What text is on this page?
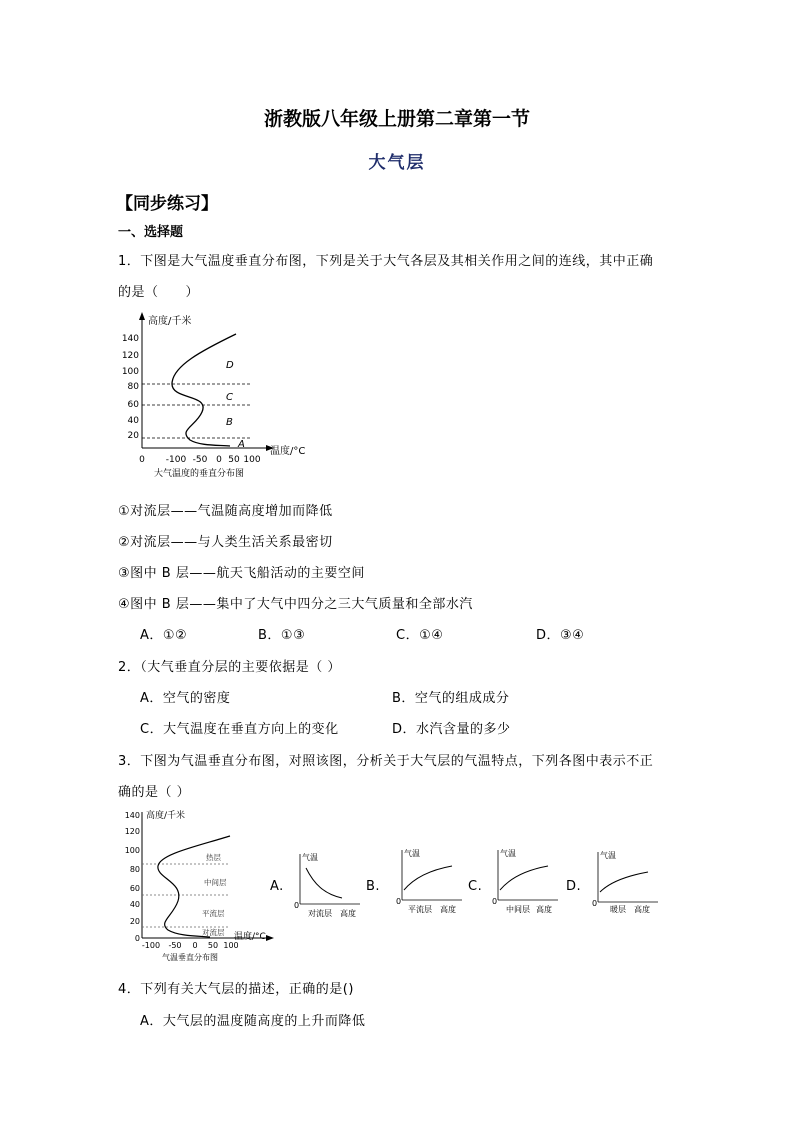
浙教版八年级上册第二章第一节
大气层
【同步练习】
一、选择题
1．下图是大气温度垂直分布图，下列是关于大气各层及其相关作用之间的连线，其中正确
的是（　　）
高度/千米
温度/°C
140
120
100
80
60
40
20
0 -100 -50 0 50 100
D
C
B
A
大气温度的垂直分布图
①对流层——气温随高度增加而降低
②对流层——与人类生活关系最密切
③图中 B 层——航天飞船活动的主要空间
④图中 B 层——集中了大气中四分之三大气质量和全部水汽
A．①②	B．①③	C．①④	D．③④
2．（大气垂直分层的主要依据是（ ）
A．空气的密度	B．空气的组成成分
C．大气温度在垂直方向上的变化	D．水汽含量的多少
3．下图为气温垂直分布图，对照该图，分析关于大气层的气温特点，下列各图中表示不正
确的是（ ）
高度/千米
温度/°C
140
120
100
80
60
40
20
0
-100 -50 0 50 100
热层
中间层
平流层
对流层
气温垂直分布图
A.
气温
0
对流层 高度
B.
气温
0
平流层 高度
C.
气温
0
中间层 高度
D.
气温
0
暖层 高度
4．下列有关大气层的描述，正确的是()
A．大气层的温度随高度的上升而降低
